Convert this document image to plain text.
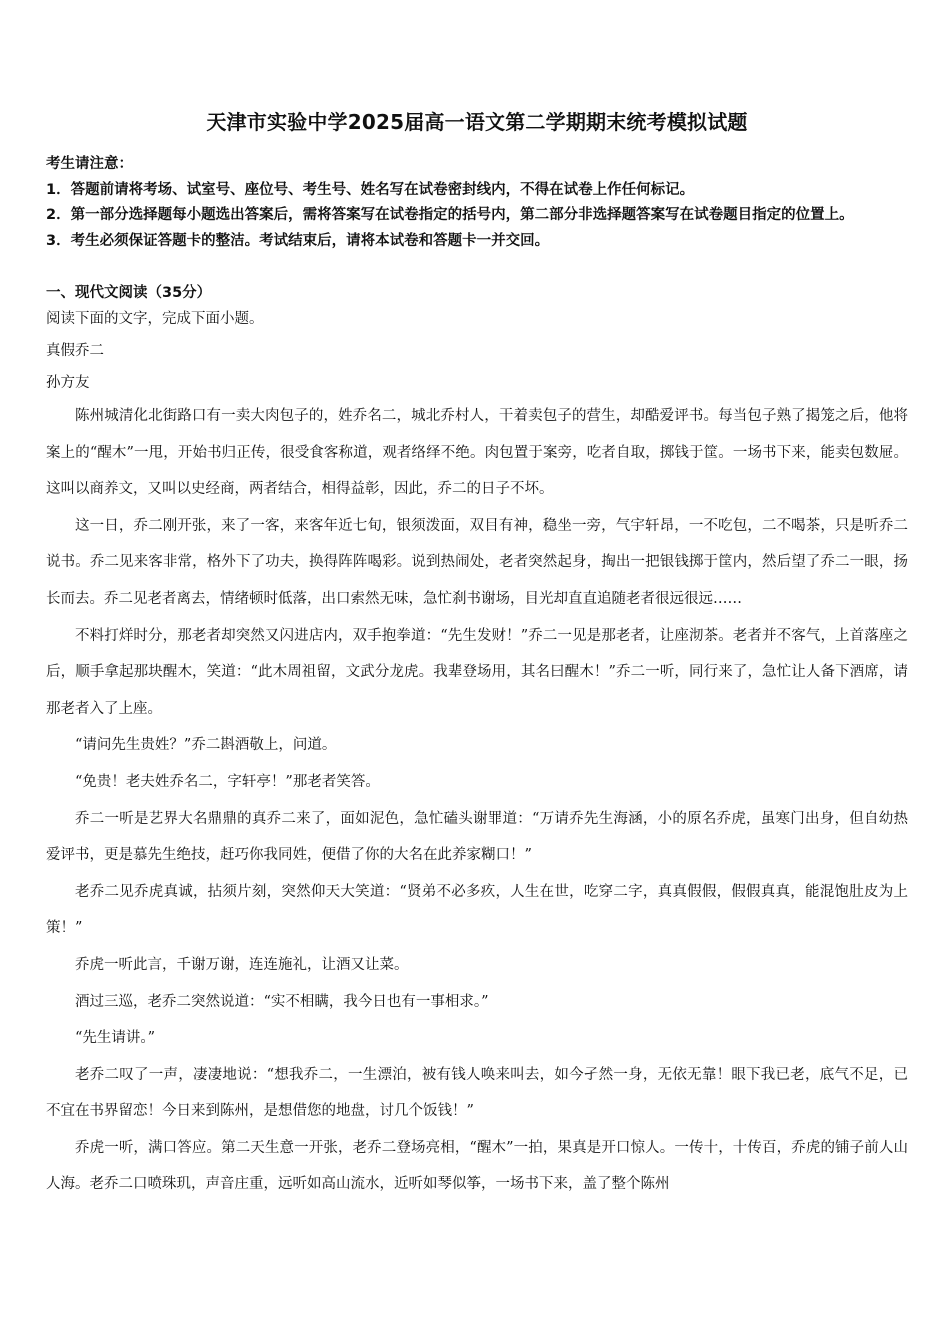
天津市实验中学2025届高一语文第二学期期末统考模拟试题

考生请注意：

1．答题前请将考场、试室号、座位号、考生号、姓名写在试卷密封线内，不得在试卷上作任何标记。

2．第一部分选择题每小题选出答案后，需将答案写在试卷指定的括号内，第二部分非选择题答案写在试卷题目指定的位置上。

3．考生必须保证答题卡的整洁。考试结束后，请将本试卷和答题卡一并交回。

一、现代文阅读（35分）

阅读下面的文字，完成下面小题。

真假乔二

孙方友

陈州城清化北街路口有一卖大肉包子的，姓乔名二，城北乔村人，干着卖包子的营生，却酷爱评书。每当包子熟了揭笼之后，他将案上的“醒木”一甩，开始书归正传，很受食客称道，观者络绎不绝。肉包置于案旁，吃者自取，掷钱于筐。一场书下来，能卖包数屉。这叫以商养文，又叫以史经商，两者结合，相得益彰，因此，乔二的日子不坏。

这一日，乔二刚开张，来了一客，来客年近七旬，银须泼面，双目有神，稳坐一旁，气宇轩昂，一不吃包，二不喝茶，只是听乔二说书。乔二见来客非常，格外下了功夫，换得阵阵喝彩。说到热闹处，老者突然起身，掏出一把银钱掷于筐内，然后望了乔二一眼，扬长而去。乔二见老者离去，情绪顿时低落，出口索然无味，急忙刹书谢场，目光却直直追随老者很远很远……

不料打烊时分，那老者却突然又闪进店内，双手抱拳道：“先生发财！”乔二一见是那老者，让座沏茶。老者并不客气，上首落座之后，顺手拿起那块醒木，笑道：“此木周祖留，文武分龙虎。我辈登场用，其名曰醒木！”乔二一听，同行来了，急忙让人备下酒席，请那老者入了上座。

“请问先生贵姓？”乔二斟酒敬上，问道。

“免贵！老夫姓乔名二，字轩亭！”那老者笑答。

乔二一听是艺界大名鼎鼎的真乔二来了，面如泥色，急忙磕头谢罪道：“万请乔先生海涵，小的原名乔虎，虽寒门出身，但自幼热爱评书，更是慕先生绝技，赶巧你我同姓，便借了你的大名在此养家糊口！”

老乔二见乔虎真诚，拈须片刻，突然仰天大笑道：“贤弟不必多疚，人生在世，吃穿二字，真真假假，假假真真，能混饱肚皮为上策！”

乔虎一听此言，千谢万谢，连连施礼，让酒又让菜。

酒过三巡，老乔二突然说道：“实不相瞒，我今日也有一事相求。”

“先生请讲。”

老乔二叹了一声，凄凄地说：“想我乔二，一生漂泊，被有钱人唤来叫去，如今孑然一身，无依无靠！眼下我已老，底气不足，已不宜在书界留恋！今日来到陈州，是想借您的地盘，讨几个饭钱！”

乔虎一听，满口答应。第二天生意一开张，老乔二登场亮相，“醒木”一拍，果真是开口惊人。一传十，十传百，乔虎的铺子前人山人海。老乔二口喷珠玑，声音庄重，远听如高山流水，近听如琴似筝，一场书下来，盖了整个陈州
